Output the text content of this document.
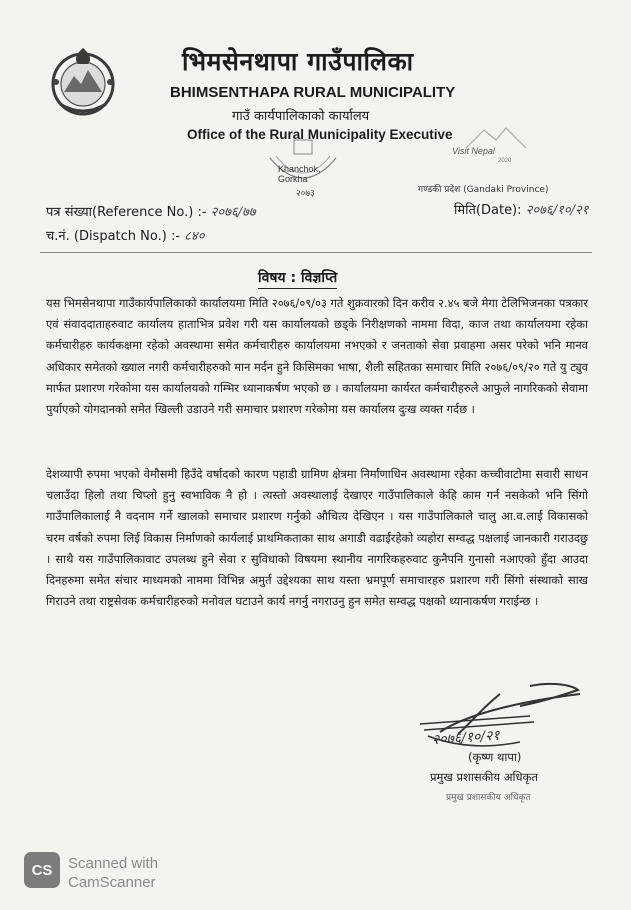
भिमसेनथापा गाउँपालिका
BHIMSENTHAPA RURAL MUNICIPALITY
गाउँ कार्यपालिकाको कार्यालय
Office of the Rural Municipality Executive
Khanchok, Gorkha
२०७३
Visit Nepal
2020
गण्डकी प्रदेश (Gandaki Province)
पत्र संख्या(Reference No.) :- २०७६/७७
च.नं. (Dispatch No.) :- ८४०
मिति(Date): २०७६/१०/२१
विषय : विज्ञप्ति
यस भिमसेनथापा गाउँकार्यपालिकाको कार्यालयमा मिति २०७६/०९/०३ गते शुक्रवारको दिन करीव २.४५ बजे मेगा टेलिभिजनका पत्रकार एवं संवाददाताहरुवाट कार्यालय हाताभित्र प्रवेश गरी यस कार्यालयको छड्के निरीक्षणको नाममा विदा, काज तथा कार्यालयमा रहेका कर्मचारीहरु कार्यकक्षमा रहेको अवस्थामा समेत कर्मचारीहरु कार्यालयमा नभएको र जनताको सेवा प्रवाहमा असर परेको भनि मानव अधिकार समेतको ख्याल नगरी कर्मचारीहरुको मान मर्दन हुने किसिमका भाषा, शैली सहितका समाचार मिति २०७६/०९/२० गते यु ट्युव मार्फत प्रशारण गरेकोमा यस कार्यालयको गम्भिर ध्यानाकर्षण भएको छ । कार्यालयमा कार्यरत कर्मचारीहरुले आफुले नागरिकको सेवामा पुर्याएको योगदानको समेत खिल्ली उडाउने गरी समाचार प्रशारण गरेकोमा यस कार्यालय दुःख व्यक्त गर्दछ ।
देशव्यापी रुपमा भएको वेमौसमी हिउँदे वर्षादको कारण पहाडी ग्रामिण क्षेत्रमा निर्माणाधिन अवस्थामा रहेका कच्चीवाटोमा सवारी साधन चलाउँदा हिलो तथा चिप्लो हुनु स्वभाविक नै हो । त्यस्तो अवस्थालाई देखाएर गाउँपालिकाले केहि काम गर्न नसकेको भनि सिंगो गाउँपालिकालाई नै वदनाम गर्ने खालको समाचार प्रशारण गर्नुको औचित्य देखिएन । यस गाउँपालिकाले चालु आ.व.लाई विकासको चरम वर्षको रुपमा लिई विकास निर्माणको कार्यलाई प्राथमिकताका साथ अगाडी वढाईरहेको व्यहोरा सम्वद्ध पक्षलाई जानकारी गराउदछु । साथै यस गाउँपालिकावाट उपलब्ध हुने सेवा र सुविधाको विषयमा स्थानीय नागरिकहरुवाट कुनैपनि गुनासो नआएको हुँदा आउदा दिनहरुमा समेत संचार माध्यमको नाममा विभिन्न अमुर्त उद्देश्यका साथ यस्ता भ्रमपूर्ण समाचारहरु प्रशारण गरी सिंगो संस्थाको साख गिराउने तथा राष्ट्रसेवक कर्मचारीहरुको मनोवल घटाउने कार्य नगर्नु नगराउनु हुन समेत सम्वद्ध पक्षको ध्यानाकर्षण गराईन्छ ।
२०७६/१०/२१
(कृष्ण थापा)
प्रमुख प्रशासकीय अधिकृत
प्रमुख प्रशासकीय अधिकृत
CS	Scanned with
CamScanner
